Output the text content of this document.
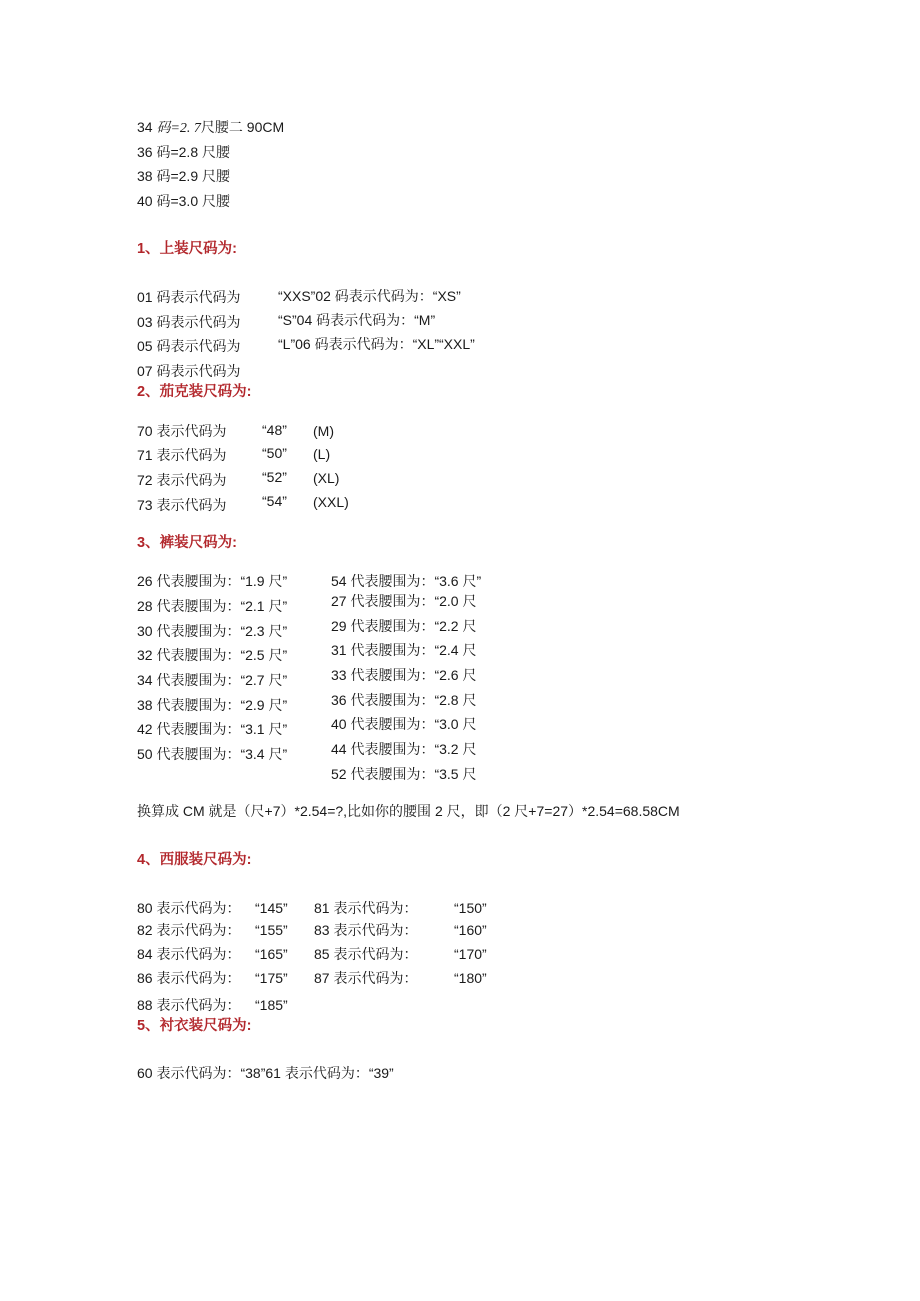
34 码=2. 7尺腰二 90CM
36 码=2.8 尺腰
38 码=2.9 尺腰
40 码=3.0 尺腰
1、上装尺码为:
01 码表示代码为	“XXS”02 码表示代码为：“XS”
03 码表示代码为	“S”04 码表示代码为：“M”
05 码表示代码为	“L”06 码表示代码为：“XL”“XXL”
07 码表示代码为
2、茄克装尺码为:
70 表示代码为	“48” (M)
71 表示代码为	“50” (L)
72 表示代码为	“52” (XL)
73 表示代码为	“54” (XXL)
3、裤装尺码为:
26 代表腰围为：“1.9 尺”
28 代表腰围为：“2.1 尺”
30 代表腰围为：“2.3 尺”
32 代表腰围为：“2.5 尺”
34 代表腰围为：“2.7 尺”
38 代表腰围为：“2.9 尺”
42 代表腰围为：“3.1 尺”
50 代表腰围为：“3.4 尺”
54 代表腰围为：“3.6 尺”
27 代表腰围为：“2.0 尺
29 代表腰围为：“2.2 尺
31 代表腰围为：“2.4 尺
33 代表腰围为：“2.6 尺
36 代表腰围为：“2.8 尺
40 代表腰围为：“3.0 尺
44 代表腰围为：“3.2 尺
52 代表腰围为：“3.5 尺
换算成 CM 就是（尺+7）*2.54=?,比如你的腰围 2 尺，即（2 尺+7=27）*2.54=68.58CM
4、西服装尺码为:
80 表示代码为： “145” 81 表示代码为：	“150”
82 表示代码为： “155” 83 表示代码为：	“160”
84 表示代码为： “165” 85 表示代码为：	“170”
86 表示代码为： “175” 87 表示代码为：	“180”
88 表示代码为： “185”
5、衬衣装尺码为:
60 表示代码为：“38”61 表示代码为：“39”
